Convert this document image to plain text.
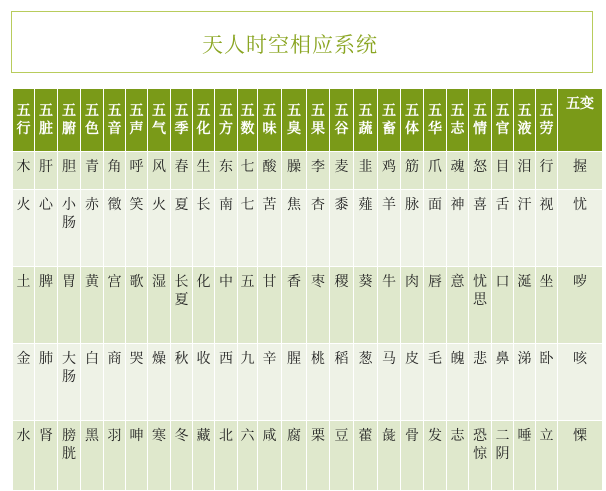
天人时空相应系统
五行	五脏	五腑	五色	五音	五声	五气	五季	五化	五方	五数	五味	五臭	五果	五谷	五蔬	五畜	五体	五华	五志	五情	五官	五液	五劳	五变
木	肝	胆	青	角	呼	风	春	生	东	七	酸	臊	李	麦	韭	鸡	筋	爪	魂	怒	目	泪	行	握
火	心	小肠	赤	徵	笑	火	夏	长	南	七	苦	焦	杏	黍	薤	羊	脉	面	神	喜	舌	汗	视	忧
土	脾	胃	黄	宫	歌	湿	长夏	化	中	五	甘	香	枣	稷	葵	牛	肉	唇	意	忧思	口	涎	坐	哕
金	肺	大肠	白	商	哭	燥	秋	收	西	九	辛	腥	桃	稻	葱	马	皮	毛	魄	悲	鼻	涕	卧	咳
水	肾	膀胱	黑	羽	呻	寒	冬	藏	北	六	咸	腐	栗	豆	藿	彘	骨	发	志	恐惊	二阴	唾	立	慄
